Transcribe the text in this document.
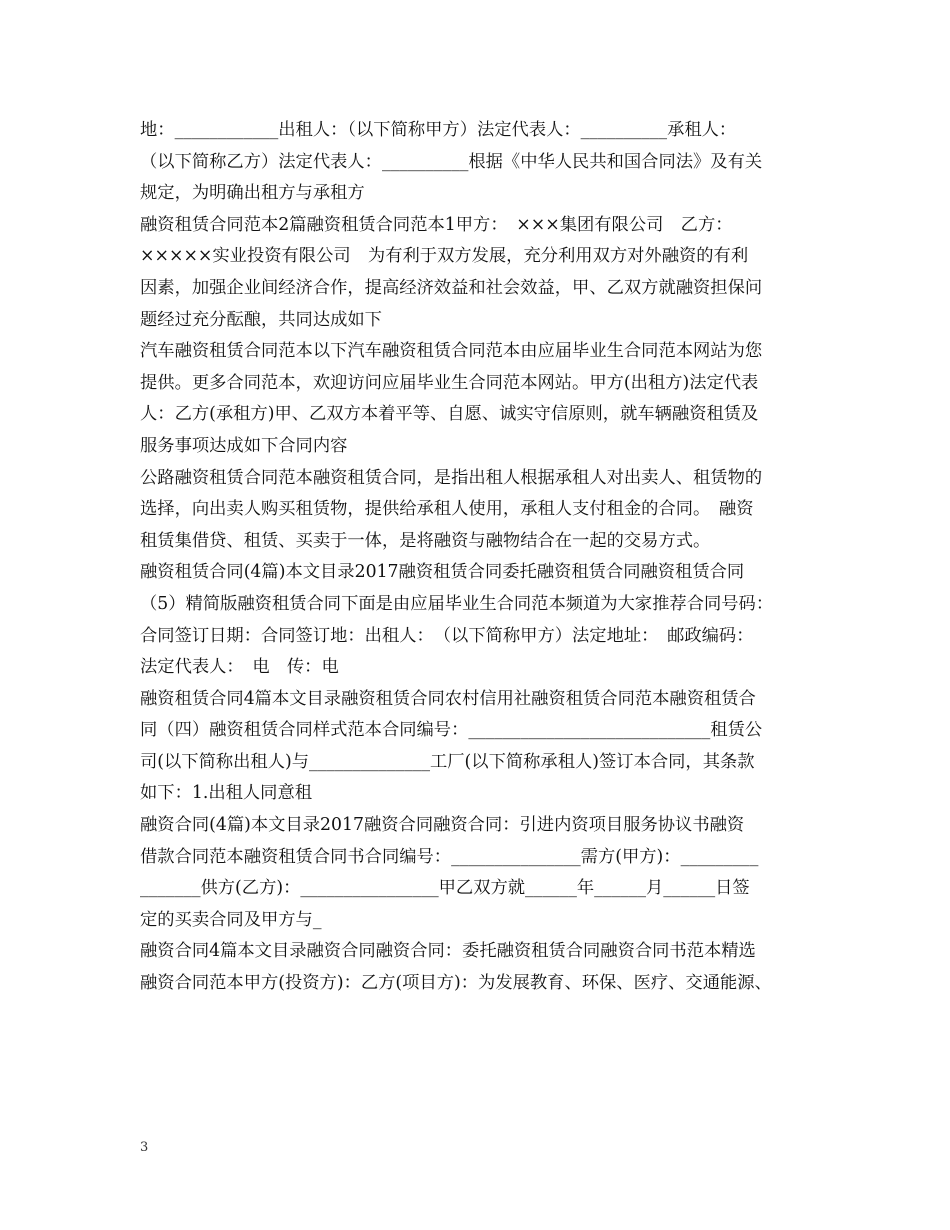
地：____________出租人：（以下简称甲方）法定代表人：__________承租人：
（以下简称乙方）法定代表人：__________根据《中华人民共和国合同法》及有关
规定，为明确出租方与承租方
融资租赁合同范本2篇融资租赁合同范本1甲方：　×××集团有限公司　乙方：
×××××实业投资有限公司　为有利于双方发展，充分利用双方对外融资的有利
因素，加强企业间经济合作，提高经济效益和社会效益，甲、乙双方就融资担保问
题经过充分酝酿，共同达成如下
汽车融资租赁合同范本以下汽车融资租赁合同范本由应届毕业生合同范本网站为您
提供。更多合同范本，欢迎访问应届毕业生合同范本网站。甲方(出租方)法定代表
人：乙方(承租方)甲、乙双方本着平等、自愿、诚实守信原则，就车辆融资租赁及
服务事项达成如下合同内容
公路融资租赁合同范本融资租赁合同，是指出租人根据承租人对出卖人、租赁物的
选择，向出卖人购买租赁物，提供给承租人使用，承租人支付租金的合同。　融资
租赁集借贷、租赁、买卖于一体，是将融资与融物结合在一起的交易方式。
融资租赁合同(4篇)本文目录2017融资租赁合同委托融资租赁合同融资租赁合同
（5）精简版融资租赁合同下面是由应届毕业生合同范本频道为大家推荐合同号码：
合同签订日期：合同签订地：出租人：　（以下简称甲方）法定地址：　邮政编码：
法定代表人：　电　传：电
融资租赁合同4篇本文目录融资租赁合同农村信用社融资租赁合同范本融资租赁合
同（四）融资租赁合同样式范本合同编号：____________________________租赁公
司(以下简称出租人)与______________工厂(以下简称承租人)签订本合同，其条款
如下：1.出租人同意租
融资合同(4篇)本文目录2017融资合同融资合同：引进内资项目服务协议书融资
借款合同范本融资租赁合同书合同编号：_______________需方(甲方)：_________
_______供方(乙方)：________________甲乙双方就______年______月______日签
定的买卖合同及甲方与_
融资合同4篇本文目录融资合同融资合同：委托融资租赁合同融资合同书范本精选
融资合同范本甲方(投资方)：乙方(项目方)：为发展教育、环保、医疗、交通能源、
3
